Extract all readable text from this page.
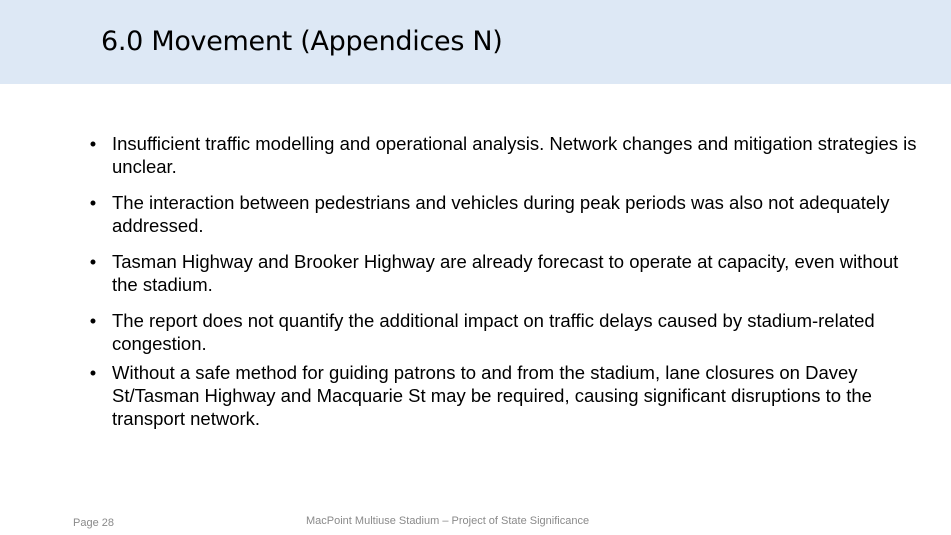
6.0 Movement (Appendices N)
• Insufficient traffic modelling and operational analysis. Network changes and mitigation strategies is unclear.
• The interaction between pedestrians and vehicles during peak periods was also not adequately addressed.
• Tasman Highway and Brooker Highway are already forecast to operate at capacity, even without the stadium.
• The report does not quantify the additional impact on traffic delays caused by stadium-related congestion.
• Without a safe method for guiding patrons to and from the stadium, lane closures on Davey St/Tasman Highway and Macquarie St may be required, causing significant disruptions to the transport network.
Page 28	MacPoint Multiuse Stadium – Project of State Significance
